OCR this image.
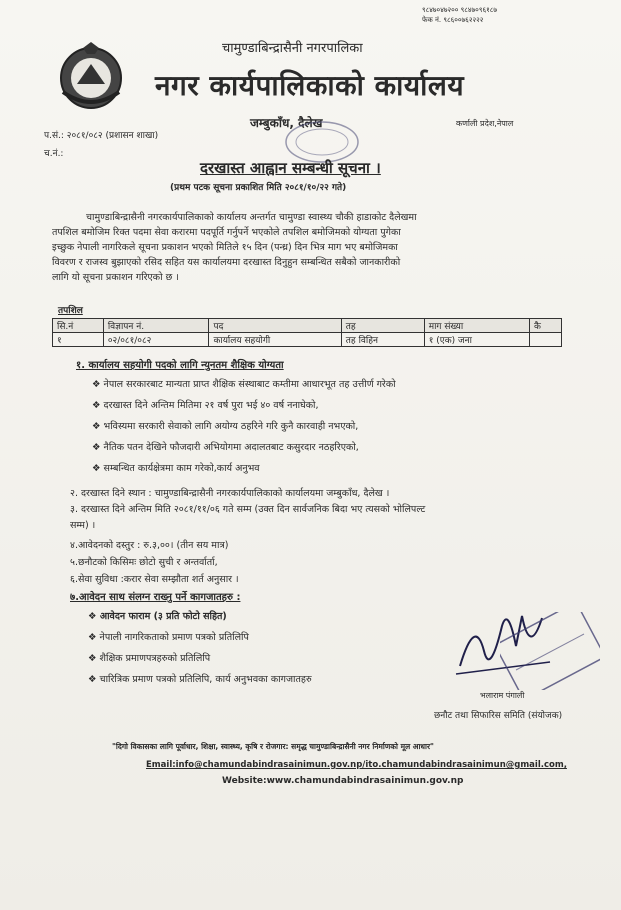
९८४७०४७२०० ९८४७०९६१८७
फेक नं. ९८६००७६२२२२
चामुण्डाबिन्द्रासैनी नगरपालिका
नगर कार्यपालिकाको कार्यालय
जम्बुकाँध, दैलेख	कर्णाली प्रदेश,नेपाल
प.सं.: २०८१/०८२ (प्रशासन शाखा)
च.नं.:
दरखास्त आह्वान सम्बन्धी सूचना ।
(प्रथम पटक सूचना प्रकाशित मिति २०८१/१०/२२ गते)
चामुण्डाबिन्द्रासैनी नगरकार्यपालिकाको कार्यालय अन्तर्गत चामुण्डा स्वास्थ्य चौकी हाडाकोट दैलेखमा
तपशिल बमोजिम रिक्त पदमा सेवा करारमा पदपूर्ति गर्नुपर्ने भएकोले तपशिल बमोजिमको योग्यता पुगेका
इच्छुक नेपाली नागरिकले सूचना प्रकाशन भएको मितिले १५ दिन (पन्ध्र) दिन भित्र माग भए बमोजिमका
विवरण र राजस्व बुझाएको रसिद सहित यस कार्यालयमा दरखास्त दिनुहुन सम्बन्धित सबैको जानकारीको
लागि यो सूचना प्रकाशन गरिएको छ ।
तपशिल
सि.नं	विज्ञापन नं.	पद	तह	माग संख्या	कै
१	०२/०८१/०८२	कार्यालय सहयोगी	तह विहिन	१ (एक) जना	
१. कार्यालय सहयोगी पदको लागि न्युनतम शैक्षिक योग्यता
❖ नेपाल सरकारबाट मान्यता प्राप्त शैक्षिक संस्थाबाट कम्तीमा आधारभूत तह उत्तीर्ण गरेको
❖ दरखास्त दिने अन्तिम मितिमा २१ वर्ष पुरा भई ४० वर्ष ननाघेको,
❖ भविस्यमा सरकारी सेवाको लागि अयोग्य ठहरिने गरि कुनै कारवाही नभएको,
❖ नैतिक पतन देखिने फौजदारी अभियोगमा अदालतबाट कसुरदार नठहरिएको,
❖ सम्बन्धित कार्यक्षेत्रमा काम गरेको,कार्य अनुभव
२. दरखास्त दिने स्थान : चामुण्डाबिन्द्रासैनी नगरकार्यपालिकाको कार्यालयमा जम्बुकाँध, दैलेख ।
३. दरखास्त दिने अन्तिम मिति २०८१/११/०६ गते सम्म (उक्त दिन सार्वजनिक बिदा भए त्यसको भोलिपल्ट
सम्म) ।
४.आवेदनको दस्तुर : रु.३,००। (तीन सय मात्र)
५.छनौटको किसिमः छोटो सुची र अन्तर्वार्ता,
६.सेवा सुविधा :करार सेवा सम्झौता शर्त अनुसार ।
७.आवेदन साथ संलग्न राख्नु पर्ने कागजातहरु :
❖ आवेदन फाराम (३ प्रति फोटो सहित)
❖ नेपाली नागरिकताको प्रमाण पत्रको प्रतिलिपि
❖ शैक्षिक प्रमाणपत्रहरुको प्रतिलिपि
❖ चारित्रिक प्रमाण पत्रको प्रतिलिपि, कार्य अनुभवका कागजातहरु
भलाराम पंगाली
छनौट तथा सिफारिस समिति (संयोजक)
"दिगो विकासका लागि पूर्वाधार, शिक्षा, स्वास्थ्य, कृषि र रोजगार: समृद्ध चामुण्डाबिन्द्रासैनी नगर निर्माणको मूल आधार"
Email:info@chamundabindrasainimun.gov.np/ito.chamundabindrasainimun@gmail.com,
Website:www.chamundabindrasainimun.gov.np
